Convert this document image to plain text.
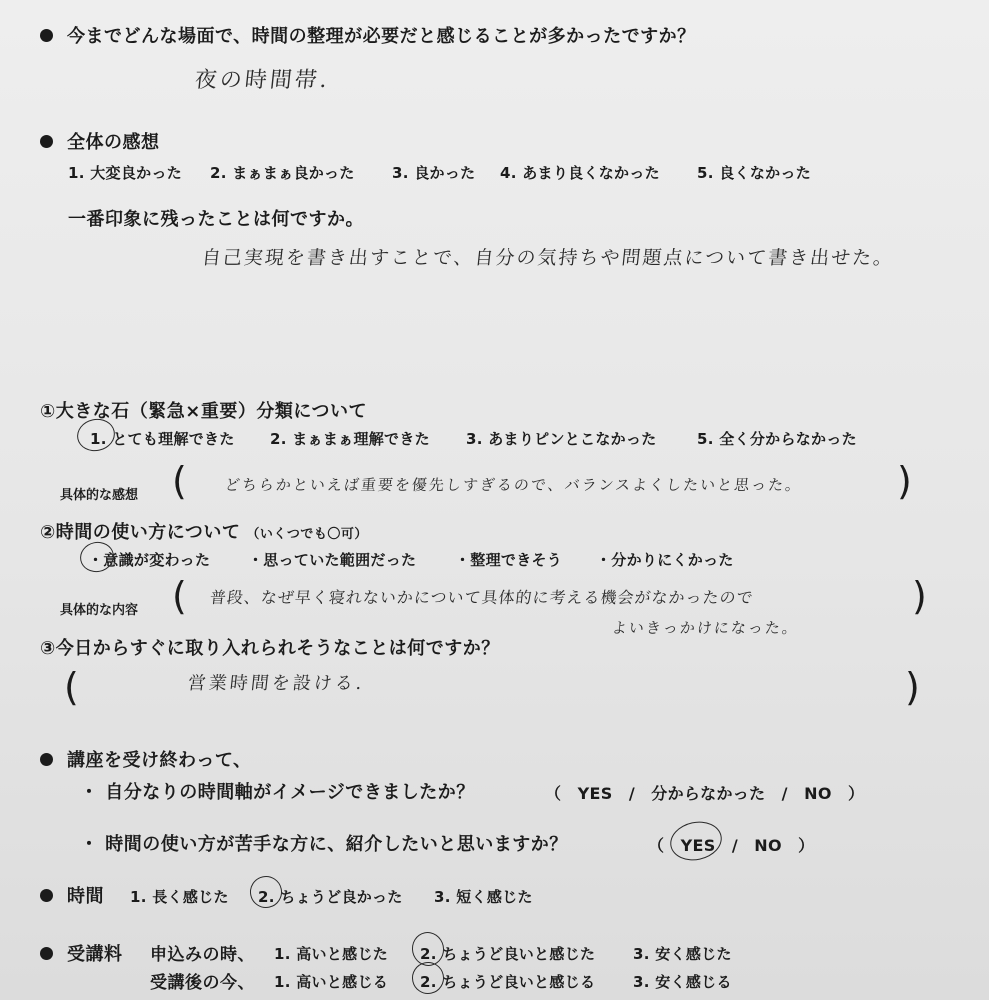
今までどんな場面で、時間の整理が必要だと感じることが多かったですか？
夜の時間帯.
全体の感想
1. 大変良かった 2. まぁまぁ良かった 3. 良かった 4. あまり良くなかった 5. 良くなかった
一番印象に残ったことは何ですか。
自己実現を書き出すことで、自分の気持ちや問題点について書き出せた。
①大きな石（緊急×重要）分類について
1. とても理解できた 2. まぁまぁ理解できた 3. あまりピンとこなかった	5. 全く分からなかった
具体的な感想 ( どちらかといえば重要を優先しすぎるので、バランスよくしたいと思った。 )
②時間の使い方について （いくつでも〇可）
・意識が変わった	・思っていた範囲だった	・整理できそう ・分かりにくかった
具体的な内容 ( 普段、なぜ早く寝れないかについて具体的に考える機会がなかったので
よいきっかけになった。
)
③今日からすぐに取り入れられそうなことは何ですか？
(	営業時間を設ける.	)
講座を受け終わって、
・ 自分なりの時間軸がイメージできましたか？	（　YES　/　分からなかった　/　NO　）
・ 時間の使い方が苦手な方に、紹介したいと思いますか？	（　YES　/　NO　）
時間 1. 長く感じた 2. ちょうど良かった 3. 短く感じた
受講料 申込みの時、 1. 高いと感じた 2. ちょうど良いと感じた	3. 安く感じた
受講後の今、 1. 高いと感じる 2. ちょうど良いと感じる	3. 安く感じる
